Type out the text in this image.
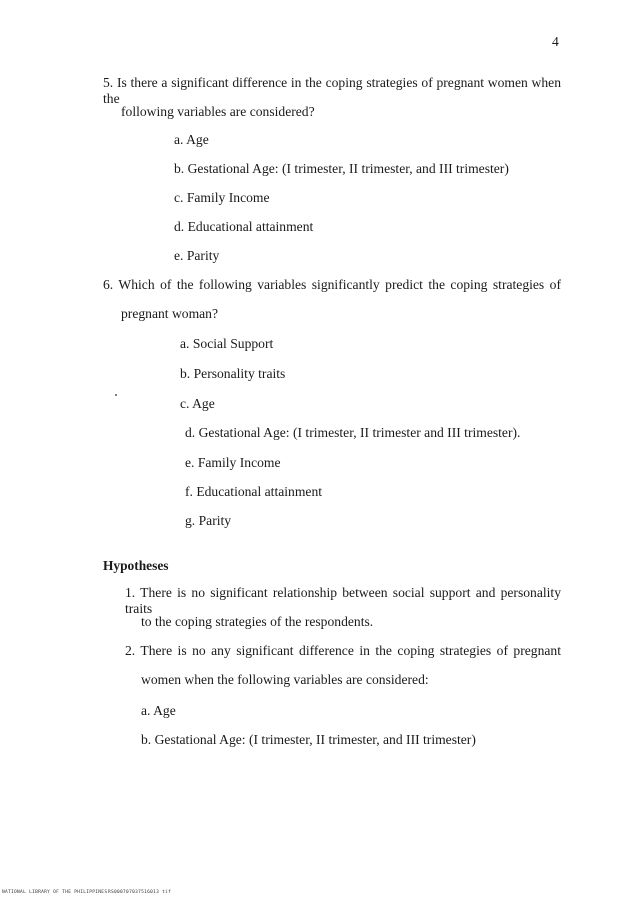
4
5. Is there a significant difference in the coping strategies of pregnant women when the
following variables are considered?
a. Age
b. Gestational Age: (I trimester, II trimester, and III trimester)
c. Family Income
d. Educational attainment
e. Parity
6. Which of the following variables significantly predict the coping strategies of
pregnant woman?
a. Social Support
b. Personality traits
c. Age
d. Gestational Age: (I trimester, II trimester and III trimester).
e. Family Income
f. Educational attainment
g. Parity
Hypotheses
1. There is no significant relationship between social support and personality traits
to the coping strategies of the respondents.
2. There is no any significant difference in the coping strategies of pregnant
women when the following variables are considered:
a. Age
b. Gestational Age: (I trimester, II trimester, and III trimester)
NATIONAL LIBRARY OF THE PHILIPPINES RS000707037516013 tif
